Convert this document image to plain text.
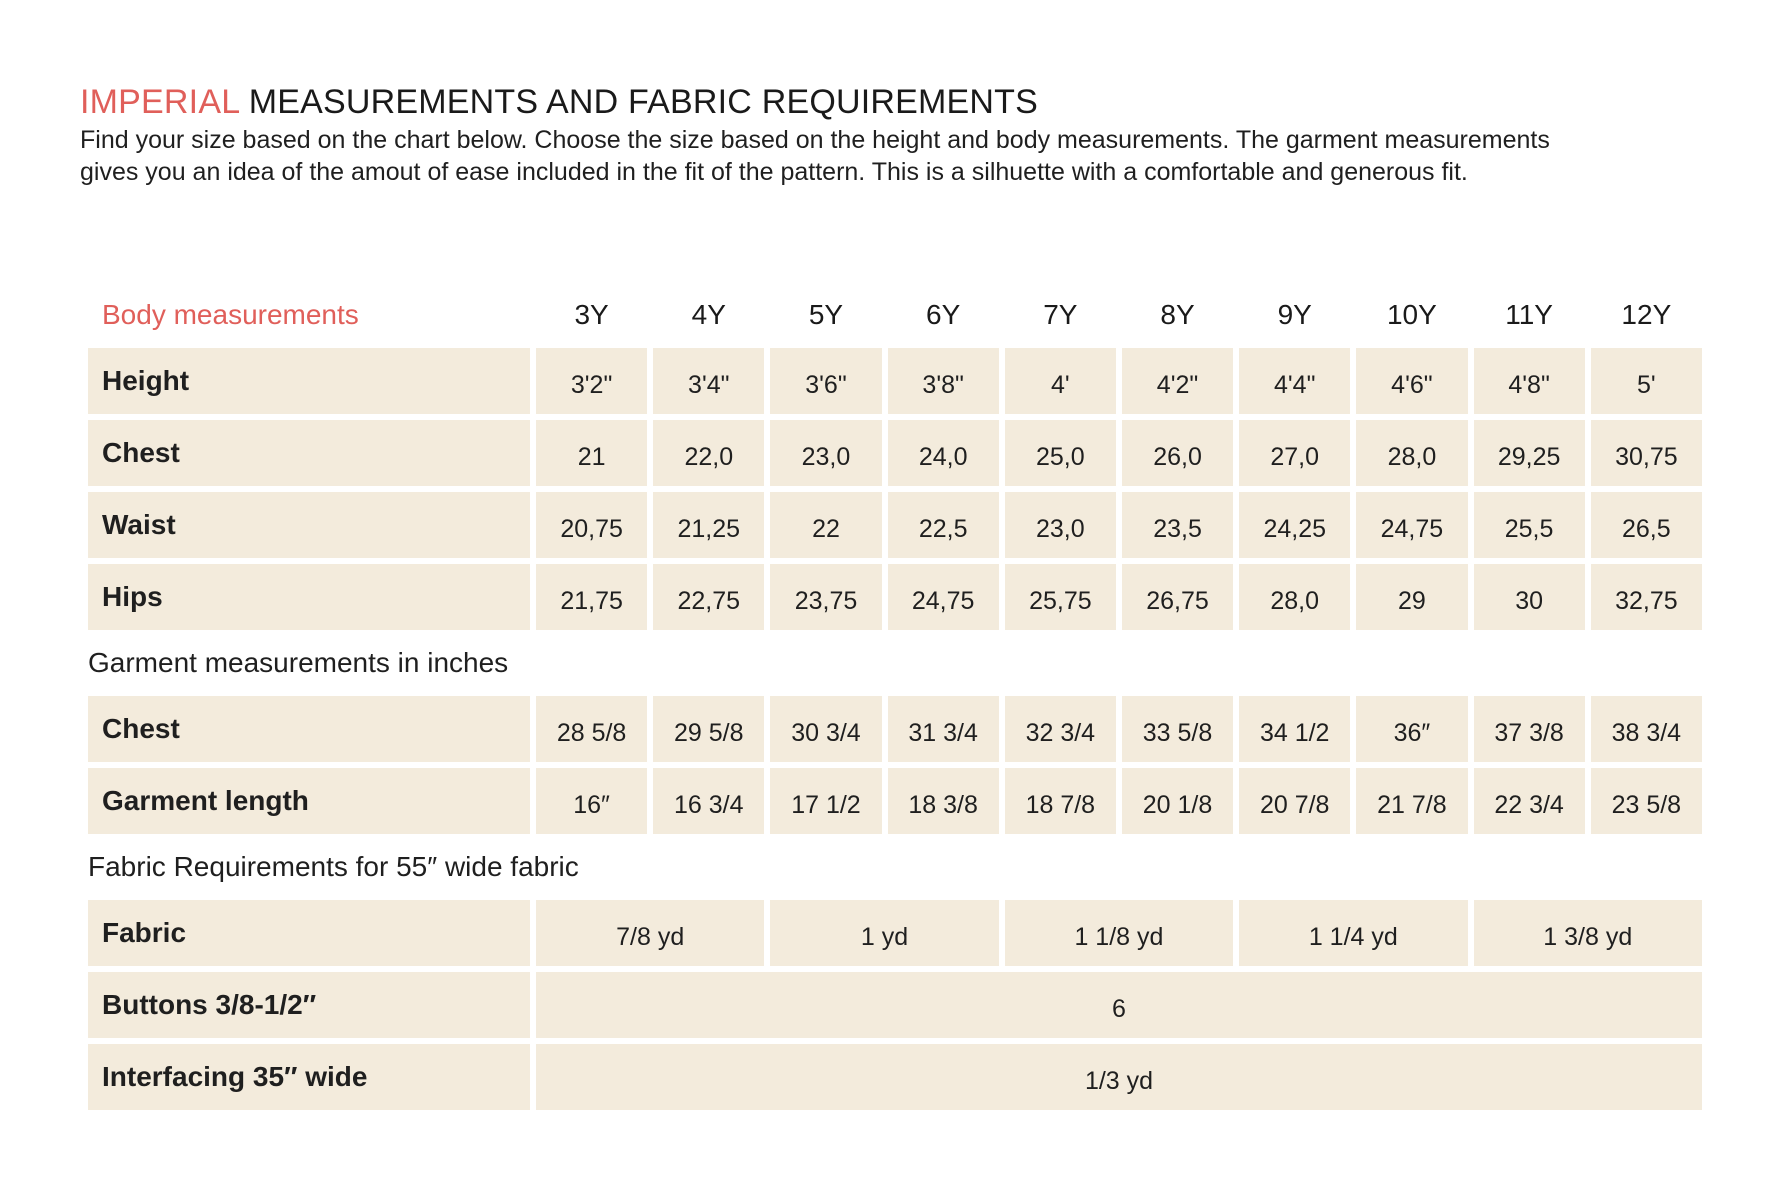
IMPERIAL MEASUREMENTS AND FABRIC REQUIREMENTS
Find your size based on the chart below. Choose the size based on the height and body measurements. The garment measurements
gives you an idea of the amout of ease included in the fit of the pattern. This is a silhuette with a comfortable and generous fit.
Body measurements	3Y	4Y	5Y	6Y	7Y	8Y	9Y	10Y	11Y	12Y
Height	3'2"	3'4"	3'6"	3'8"	4'	4'2"	4'4"	4'6"	4'8"	5'
Chest	21	22,0	23,0	24,0	25,0	26,0	27,0	28,0	29,25	30,75
Waist	20,75	21,25	22	22,5	23,0	23,5	24,25	24,75	25,5	26,5
Hips	21,75	22,75	23,75	24,75	25,75	26,75	28,0	29	30	32,75
Garment measurements in inches										
Chest	28 5/8	29 5/8	30 3/4	31 3/4	32 3/4	33 5/8	34 1/2	36″	37 3/8	38 3/4
Garment length	16″	16 3/4	17 1/2	18 3/8	18 7/8	20 1/8	20 7/8	21 7/8	22 3/4	23 5/8
Fabric Requirements for 55″ wide fabric										
Fabric	7/8 yd		1 yd		1 1/8 yd		1 1/4 yd		1 3/8 yd	
Buttons 3/8-1/2″	6									
Interfacing 35″ wide	1/3 yd									
